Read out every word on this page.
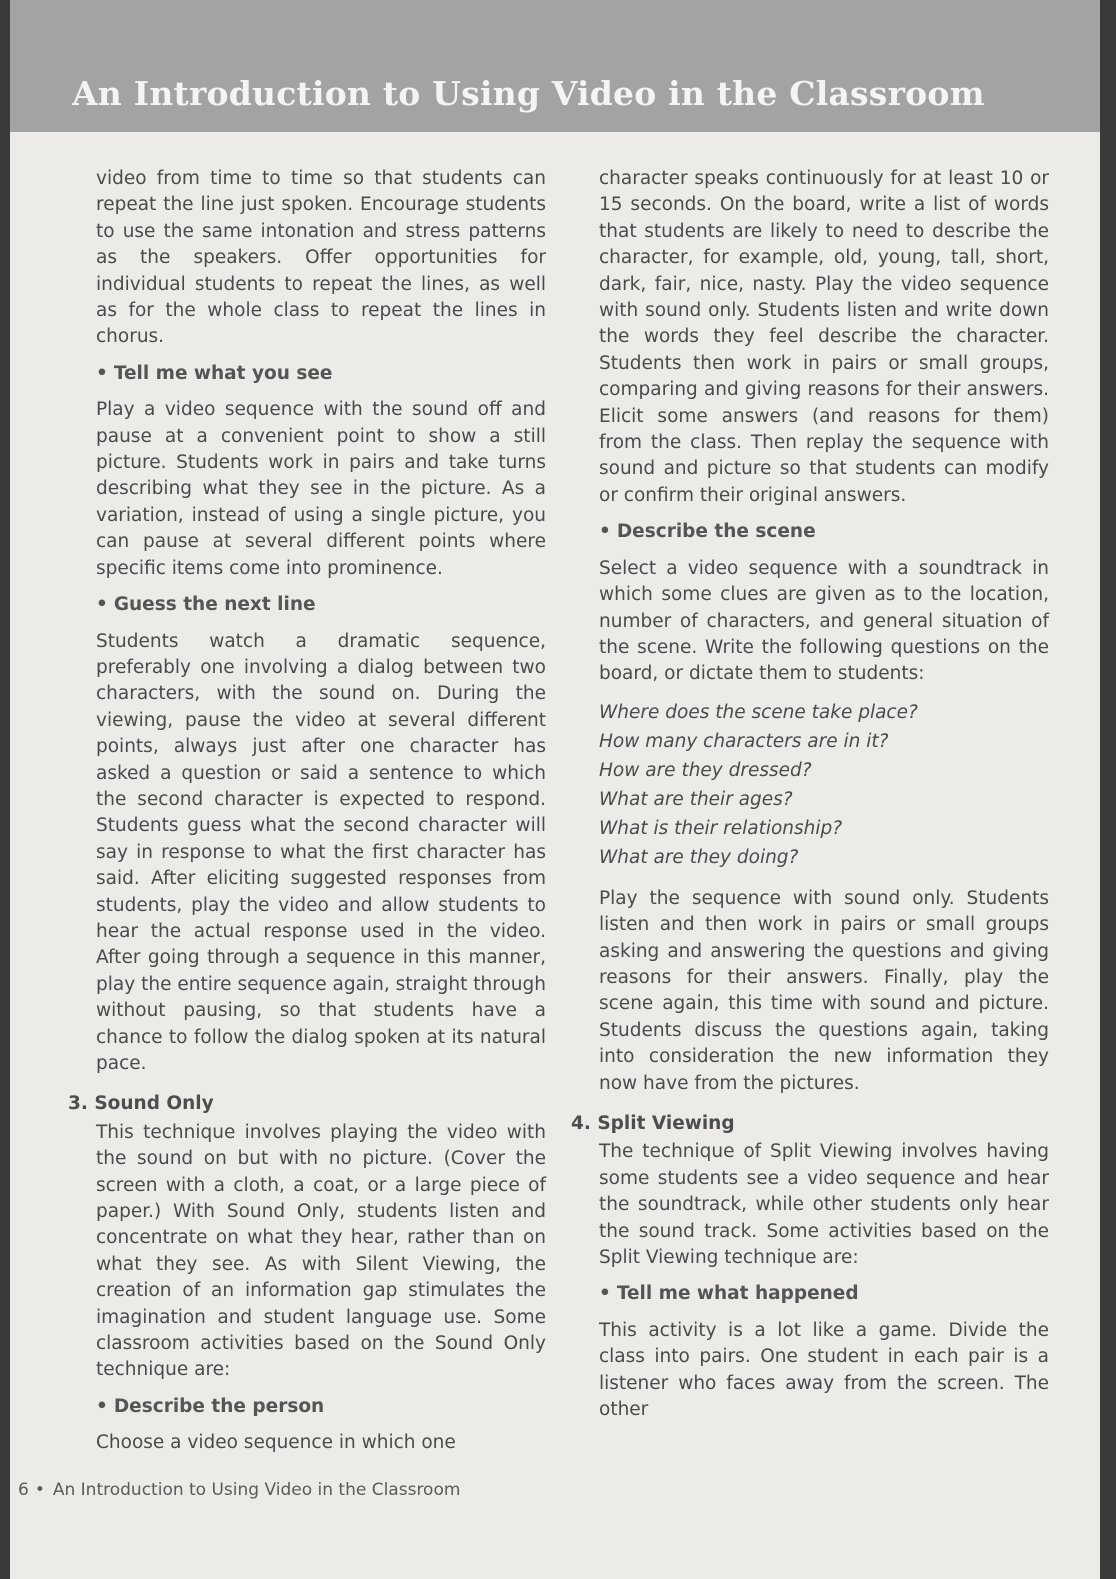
An Introduction to Using Video in the Classroom

video from time to time so that students can repeat the line just spoken. Encourage students to use the same intonation and stress patterns as the speakers. Offer opportunities for individual students to repeat the lines, as well as for the whole class to repeat the lines in chorus.

• Tell me what you see

Play a video sequence with the sound off and pause at a convenient point to show a still picture. Students work in pairs and take turns describing what they see in the picture. As a variation, instead of using a single picture, you can pause at several different points where specific items come into prominence.

• Guess the next line

Students watch a dramatic sequence, preferably one involving a dialog between two characters, with the sound on. During the viewing, pause the video at several different points, always just after one character has asked a question or said a sentence to which the second character is expected to respond. Students guess what the second character will say in response to what the first character has said. After eliciting suggested responses from students, play the video and allow students to hear the actual response used in the video. After going through a sequence in this manner, play the entire sequence again, straight through without pausing, so that students have a chance to follow the dialog spoken at its natural pace.

3. Sound Only

This technique involves playing the video with the sound on but with no picture. (Cover the screen with a cloth, a coat, or a large piece of paper.) With Sound Only, students listen and concentrate on what they hear, rather than on what they see. As with Silent Viewing, the creation of an information gap stimulates the imagination and student language use. Some classroom activities based on the Sound Only technique are:

• Describe the person

Choose a video sequence in which one

character speaks continuously for at least 10 or 15 seconds. On the board, write a list of words that students are likely to need to describe the character, for example, old, young, tall, short, dark, fair, nice, nasty. Play the video sequence with sound only. Students listen and write down the words they feel describe the character. Students then work in pairs or small groups, comparing and giving reasons for their answers. Elicit some answers (and reasons for them) from the class. Then replay the sequence with sound and picture so that students can modify or confirm their original answers.

• Describe the scene

Select a video sequence with a soundtrack in which some clues are given as to the location, number of characters, and general situation of the scene. Write the following questions on the board, or dictate them to students:

Where does the scene take place?
How many characters are in it?
How are they dressed?
What are their ages?
What is their relationship?
What are they doing?

Play the sequence with sound only. Students listen and then work in pairs or small groups asking and answering the questions and giving reasons for their answers. Finally, play the scene again, this time with sound and picture. Students discuss the questions again, taking into consideration the new information they now have from the pictures.

4. Split Viewing

The technique of Split Viewing involves having some students see a video sequence and hear the soundtrack, while other students only hear the sound track. Some activities based on the Split Viewing technique are:

• Tell me what happened

This activity is a lot like a game. Divide the class into pairs. One student in each pair is a listener who faces away from the screen. The other

6 • An Introduction to Using Video in the Classroom
